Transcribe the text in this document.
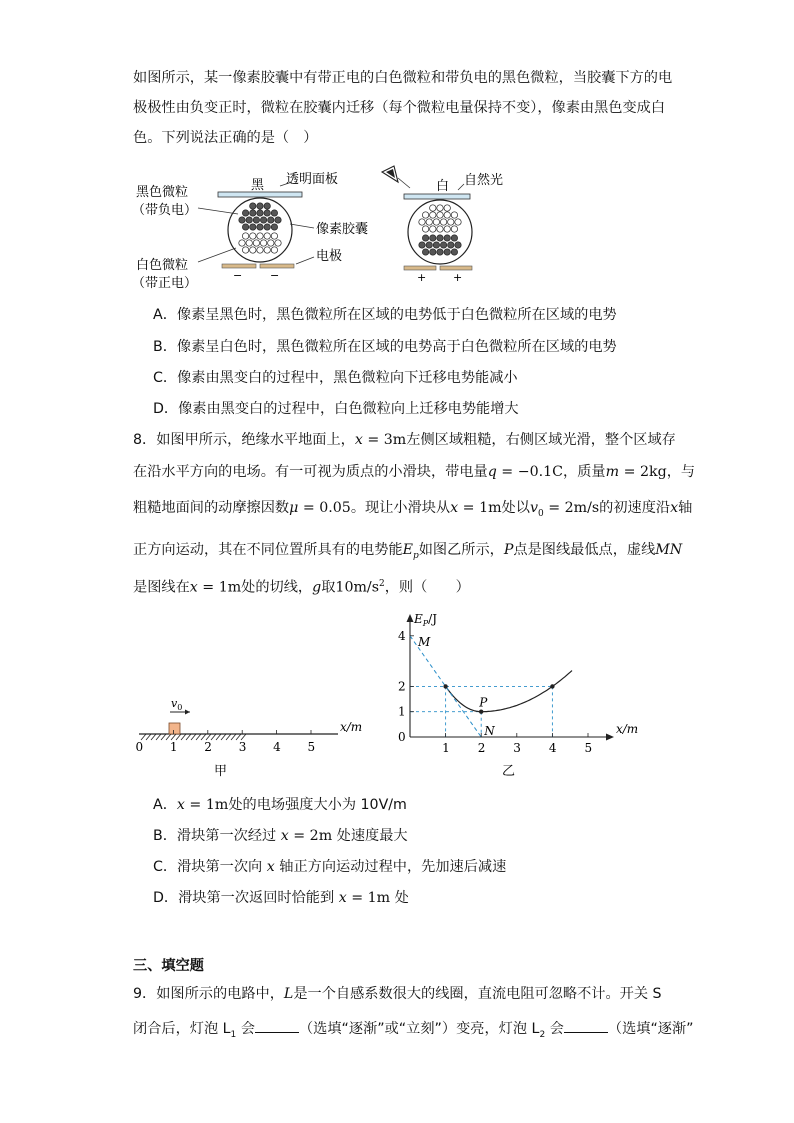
如图所示，某一像素胶囊中有带正电的白色微粒和带负电的黑色微粒，当胶囊下方的电
极极性由负变正时，微粒在胶囊内迁移（每个微粒电量保持不变），像素由黑色变成白
色。下列说法正确的是（　）
黑 透明面板
−	−
黑色微粒
（带负电）
白色微粒
（带正电）
像素胶囊
电极
白 自然光
+ +
A．像素呈黑色时，黑色微粒所在区域的电势低于白色微粒所在区域的电势
B．像素呈白色时，黑色微粒所在区域的电势高于白色微粒所在区域的电势
C．像素由黑变白的过程中，黑色微粒向下迁移电势能减小
D．像素由黑变白的过程中，白色微粒向上迁移电势能增大
8．如图甲所示，绝缘水平地面上，x = 3m左侧区域粗糙，右侧区域光滑，整个区域存
在沿水平方向的电场。有一可视为质点的小滑块，带电量q = −0.1C，质量m = 2kg，与
粗糙地面间的动摩擦因数μ = 0.05。现让小滑块从x = 1m处以$v_0 = 2m/s$的初速度沿x轴
正方向运动，其在不同位置所具有的电势能$E_p$如图乙所示，P点是图线最低点，虚线MN
是图线在x = 1m处的切线，g取$10m/s^2$，则（　　）
$v_0$
x/m
0 1 2 3 4 5
甲
$E_P/J$
x/m
4
2
1
0
1 2 3 4 5
M
P
N
乙
A．x = 1m处的电场强度大小为 10V/m
B．滑块第一次经过 x = 2m 处速度最大
C．滑块第一次向 x 轴正方向运动过程中，先加速后减速
D．滑块第一次返回时恰能到 x = 1m 处
三、填空题
9．如图所示的电路中，L是一个自感系数很大的线圈，直流电阻可忽略不计。开关 S
闭合后，灯泡 $L_1$ 会	（选填“逐渐”或“立刻”）变亮，灯泡 $L_2$ 会	（选填“逐渐”
